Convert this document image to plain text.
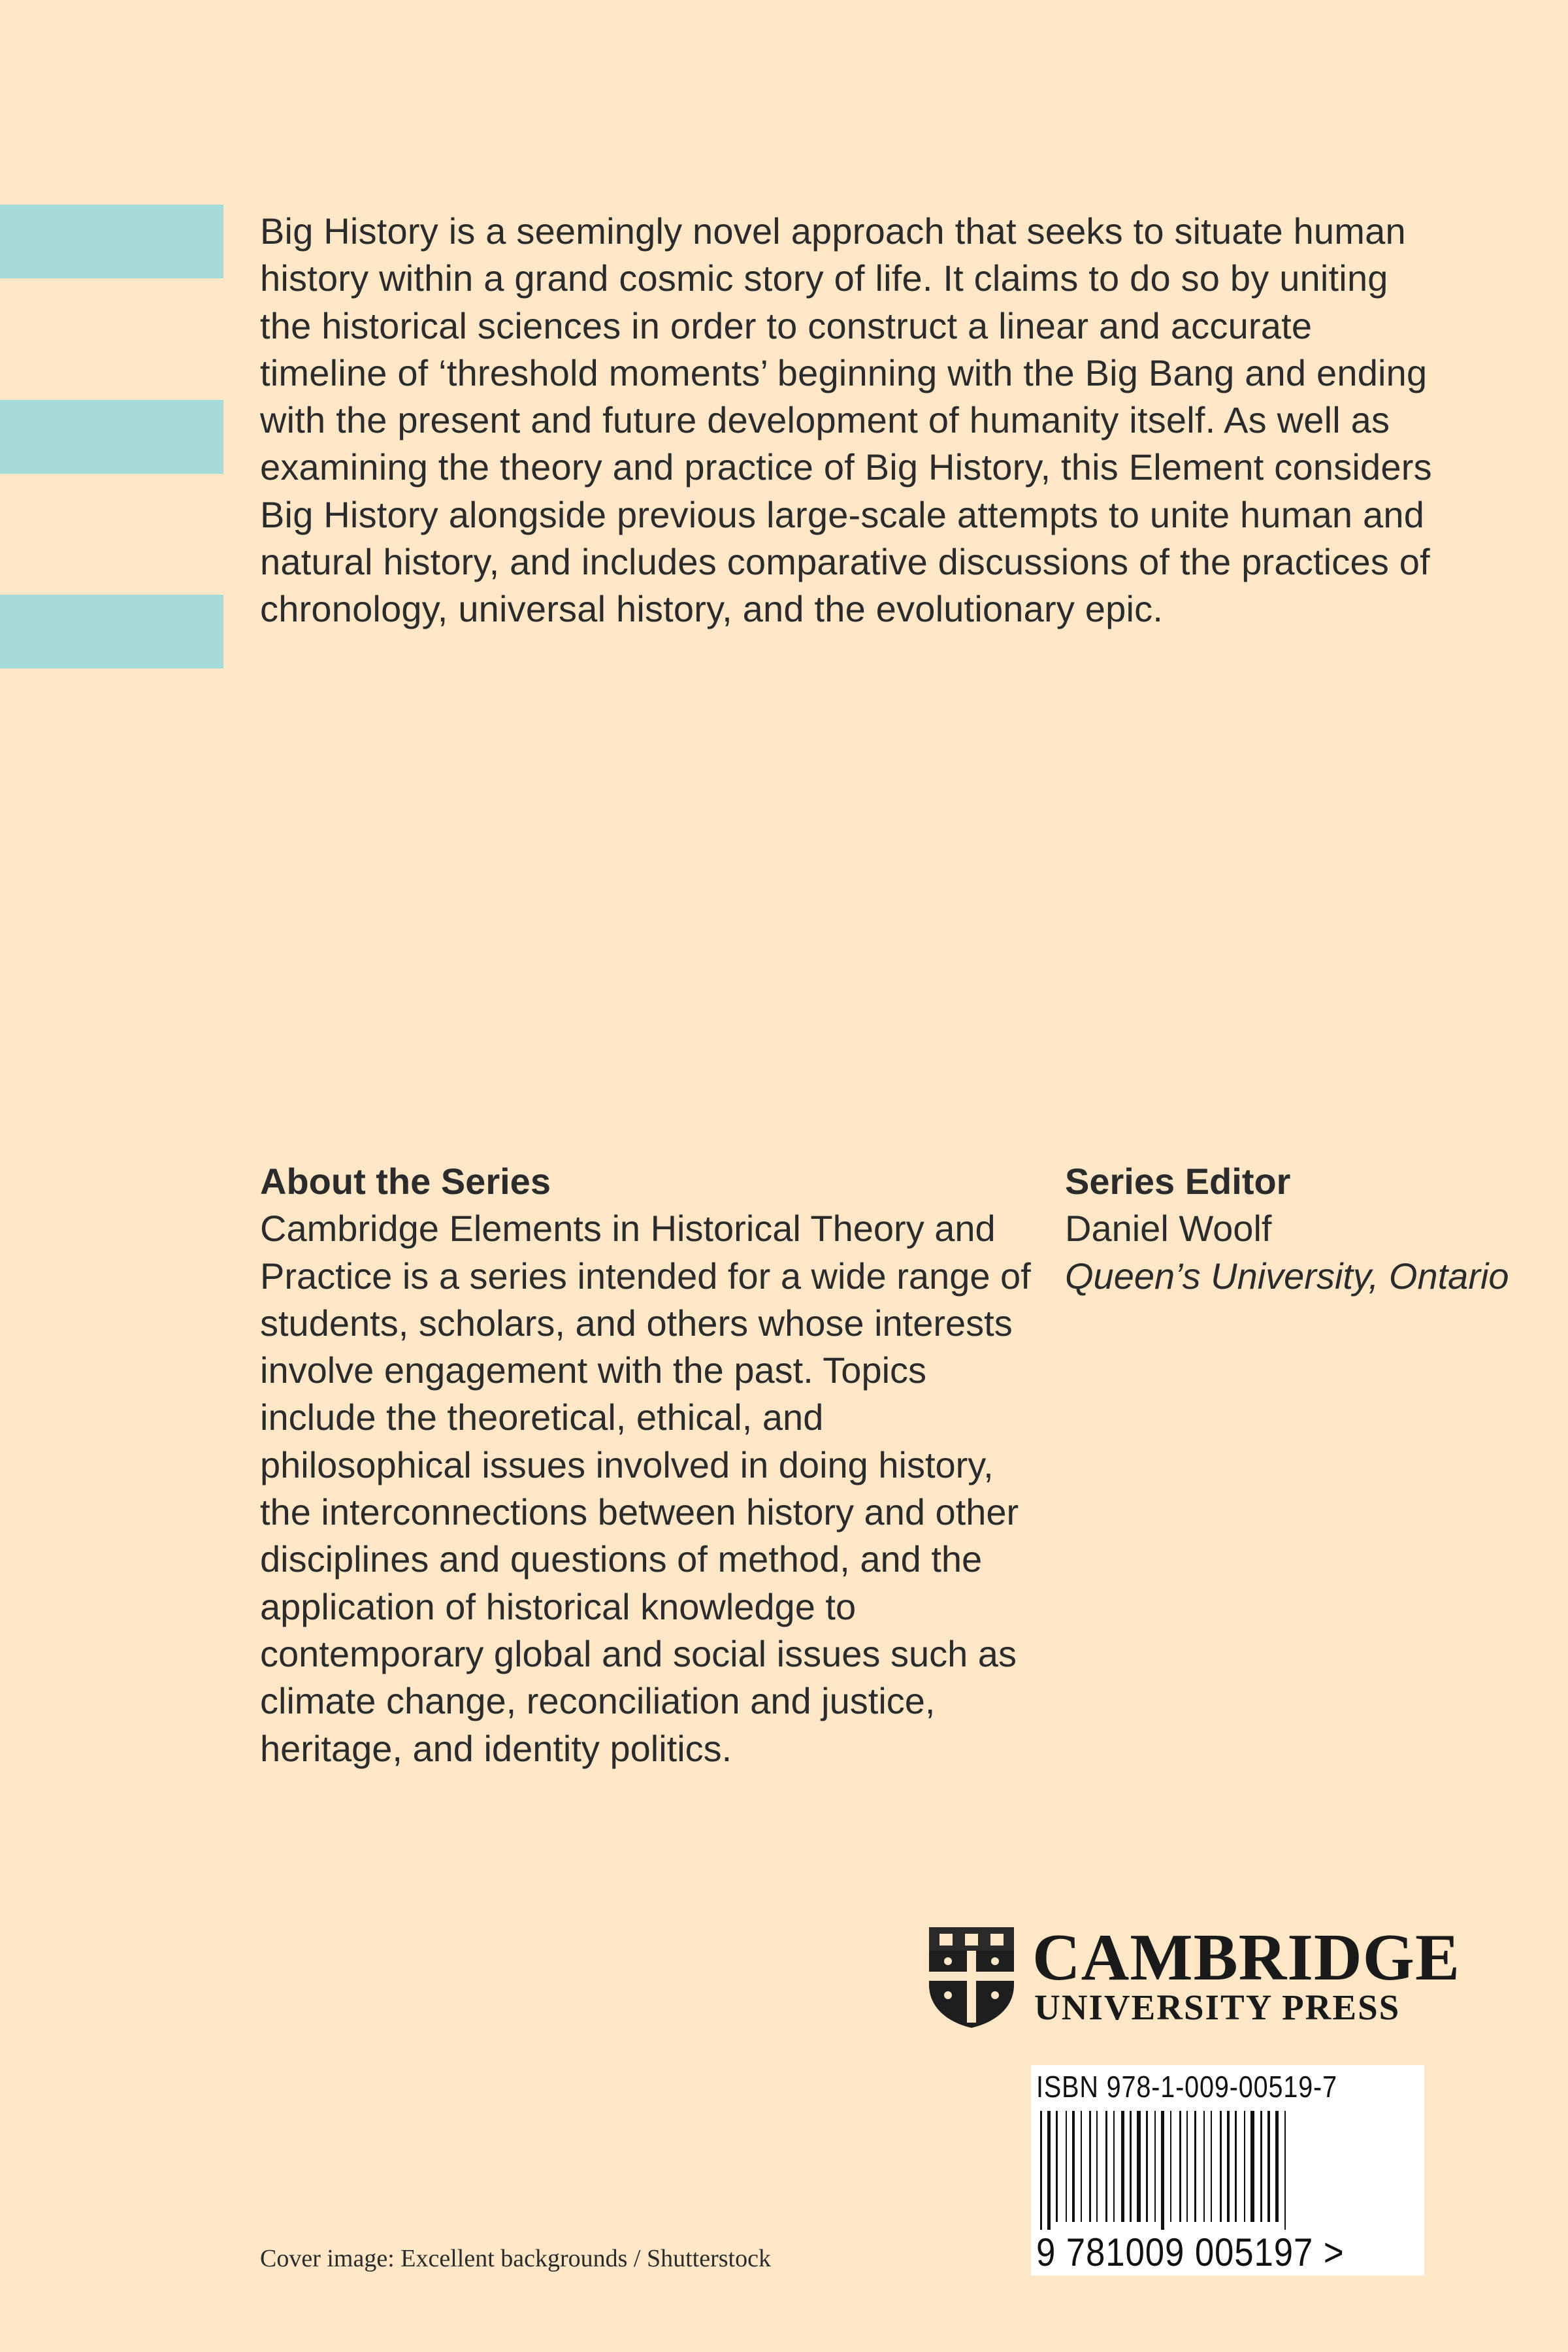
Big History is a seemingly novel approach that seeks to situate human history within a grand cosmic story of life. It claims to do so by uniting the historical sciences in order to construct a linear and accurate timeline of ‘threshold moments’ beginning with the Big Bang and ending with the present and future development of humanity itself. As well as examining the theory and practice of Big History, this Element considers Big History alongside previous large-scale attempts to unite human and natural history, and includes comparative discussions of the practices of chronology, universal history, and the evolutionary epic.

About the Series

Cambridge Elements in Historical Theory and Practice is a series intended for a wide range of students, scholars, and others whose interests involve engagement with the past. Topics include the theoretical, ethical, and philosophical issues involved in doing history, the interconnections between history and other disciplines and questions of method, and the application of historical knowledge to contemporary global and social issues such as climate change, reconciliation and justice, heritage, and identity politics.

Series Editor

Daniel Woolf

Queen’s University, Ontario

CAMBRIDGE
UNIVERSITY PRESS
ISBN 978-1-009-00519-7
9 781009 005197 >
Cover image: Excellent backgrounds / Shutterstock
